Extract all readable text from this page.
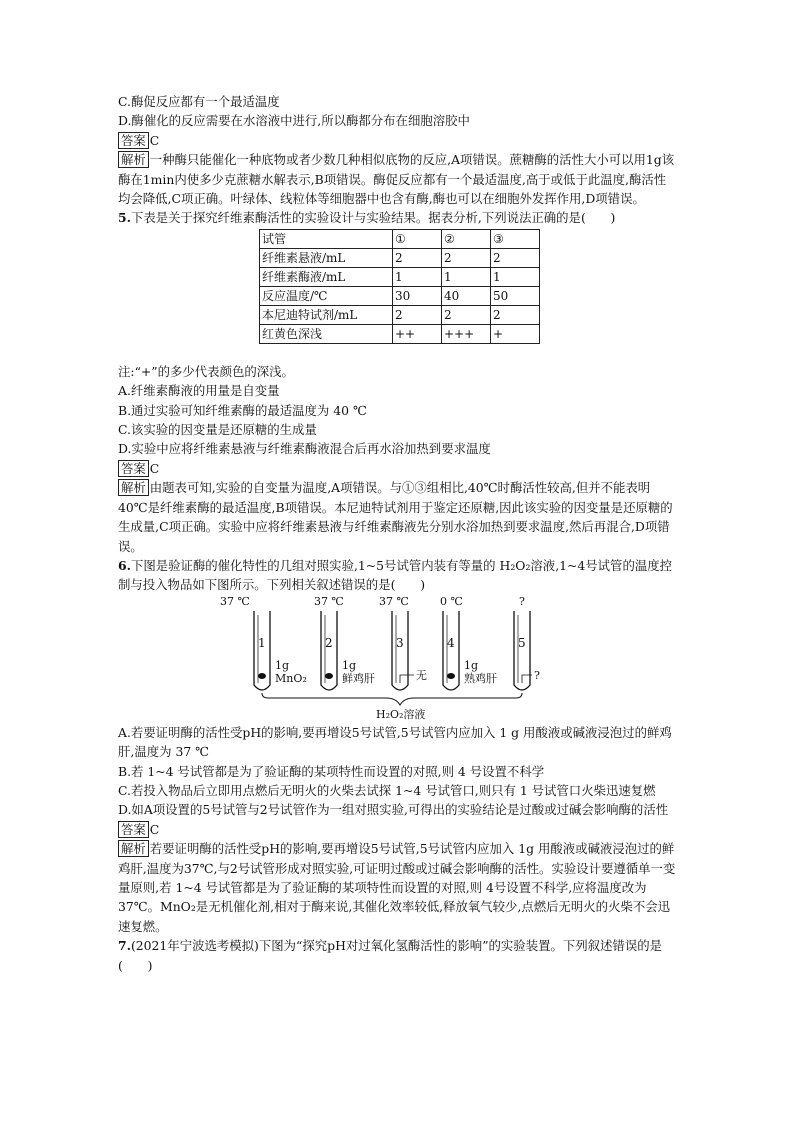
C.酶促反应都有一个最适温度
D.酶催化的反应需要在水溶液中进行,所以酶都分布在细胞溶胶中
答案 C
解析 一种酶只能催化一种底物或者少数几种相似底物的反应,A项错误。蔗糖酶的活性大小可以用1g该酶在1min内使多少克蔗糖水解表示,B项错误。酶促反应都有一个最适温度,高于或低于此温度,酶活性均会降低,C项正确。叶绿体、线粒体等细胞器中也含有酶,酶也可以在细胞外发挥作用,D项错误。
5.下表是关于探究纤维素酶活性的实验设计与实验结果。据表分析,下列说法正确的是(　　)
试管	①	②	③
纤维素悬液/mL	2	2	2
纤维素酶液/mL	1	1	1
反应温度/℃	30	40	50
本尼迪特试剂/mL	2	2	2
红黄色深浅	++	+++	+
注:“+”的多少代表颜色的深浅。
A.纤维素酶液的用量是自变量
B.通过实验可知纤维素酶的最适温度为 40 ℃
C.该实验的因变量是还原糖的生成量
D.实验中应将纤维素悬液与纤维素酶液混合后再水浴加热到要求温度
答案 C
解析 由题表可知,实验的自变量为温度,A项错误。与①③组相比,40℃时酶活性较高,但并不能表明40℃是纤维素酶的最适温度,B项错误。本尼迪特试剂用于鉴定还原糖,因此该实验的因变量是还原糖的生成量,C项正确。实验中应将纤维素悬液与纤维素酶液先分别水浴加热到要求温度,然后再混合,D项错误。
6.下图是验证酶的催化特性的几组对照实验,1~5号试管内装有等量的 H₂O₂溶液,1~4号试管的温度控制与投入物品如下图所示。下列相关叙述错误的是(　　)
37 ℃	37 ℃	37 ℃	0 ℃	?
1	2	3	4	5
1g MnO₂
1g 鲜鸡肝	无
1g 熟鸡肝	?
H₂O₂溶液
A.若要证明酶的活性受pH的影响,要再增设5号试管,5号试管内应加入 1 g 用酸液或碱液浸泡过的鲜鸡肝,温度为 37 ℃
B.若 1~4 号试管都是为了验证酶的某项特性而设置的对照,则 4 号设置不科学
C.若投入物品后立即用点燃后无明火的火柴去试探 1~4 号试管口,则只有 1 号试管口火柴迅速复燃
D.如A项设置的5号试管与2号试管作为一组对照实验,可得出的实验结论是过酸或过碱会影响酶的活性
答案 C
解析 若要证明酶的活性受pH的影响,要再增设5号试管,5号试管内应加入 1g 用酸液或碱液浸泡过的鲜鸡肝,温度为37℃,与2号试管形成对照实验,可证明过酸或过碱会影响酶的活性。实验设计要遵循单一变量原则,若 1~4 号试管都是为了验证酶的某项特性而设置的对照,则 4号设置不科学,应将温度改为 37℃。MnO₂是无机催化剂,相对于酶来说,其催化效率较低,释放氧气较少,点燃后无明火的火柴不会迅速复燃。
7.(2021年宁波选考模拟)下图为“探究pH对过氧化氢酶活性的影响”的实验装置。下列叙述错误的是(　　)
